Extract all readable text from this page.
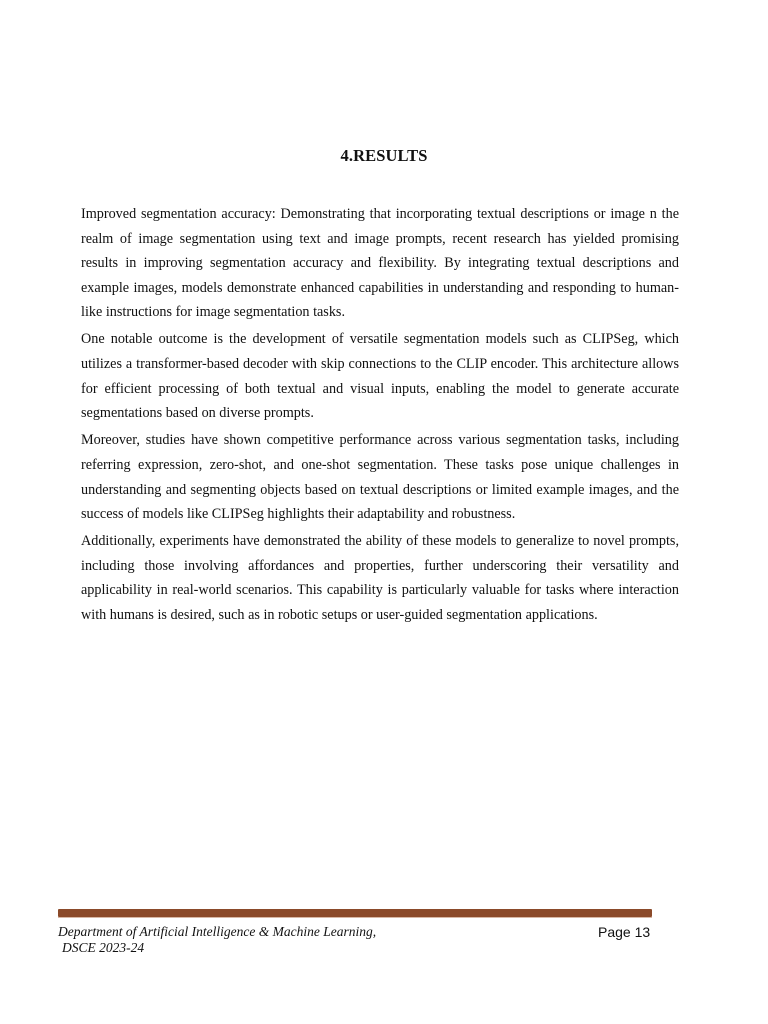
4.RESULTS

Improved segmentation accuracy: Demonstrating that incorporating textual descriptions or image n the realm of image segmentation using text and image prompts, recent research has yielded promising results in improving segmentation accuracy and flexibility. By integrating textual descriptions and example images, models demonstrate enhanced capabilities in understanding and responding to human-like instructions for image segmentation tasks.

One notable outcome is the development of versatile segmentation models such as CLIPSeg, which utilizes a transformer-based decoder with skip connections to the CLIP encoder. This architecture allows for efficient processing of both textual and visual inputs, enabling the model to generate accurate segmentations based on diverse prompts.

Moreover, studies have shown competitive performance across various segmentation tasks, including referring expression, zero-shot, and one-shot segmentation. These tasks pose unique challenges in understanding and segmenting objects based on textual descriptions or limited example images, and the success of models like CLIPSeg highlights their adaptability and robustness.

Additionally, experiments have demonstrated the ability of these models to generalize to novel prompts, including those involving affordances and properties, further underscoring their versatility and applicability in real-world scenarios. This capability is particularly valuable for tasks where interaction with humans is desired, such as in robotic setups or user-guided segmentation applications.

Department of Artificial Intelligence & Machine Learning,
DSCE 2023-24
Page 13
